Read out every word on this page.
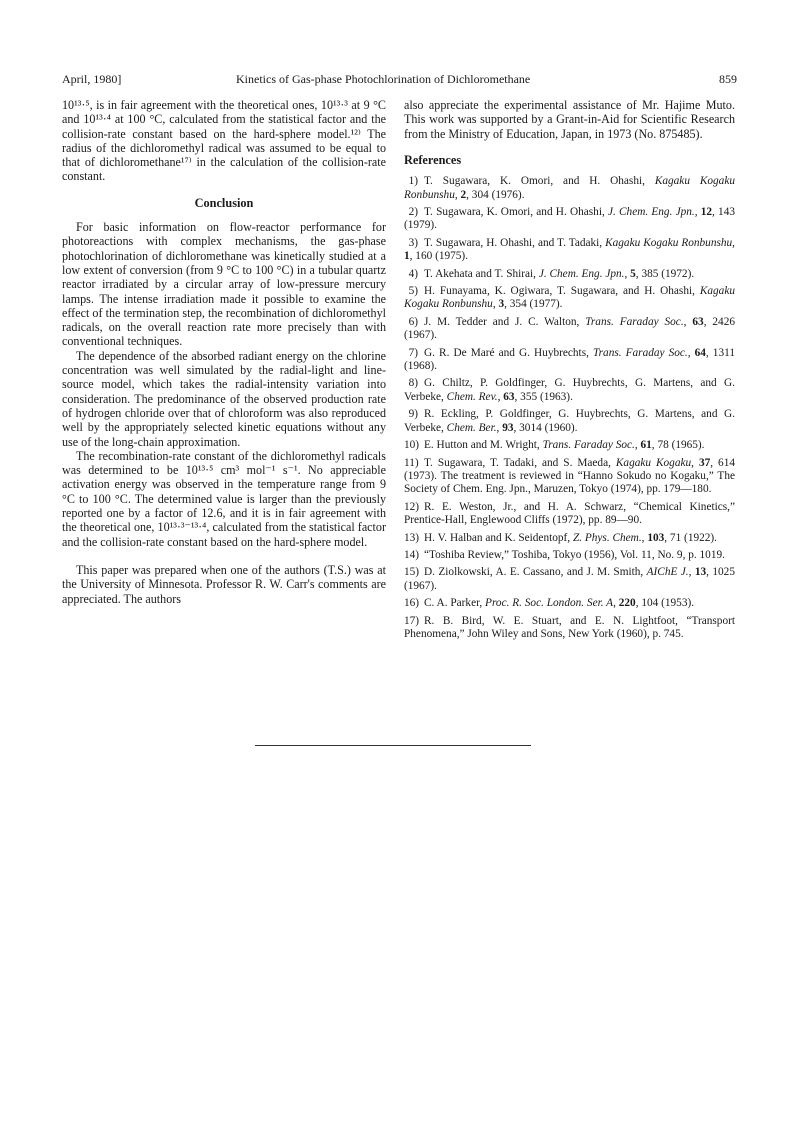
April, 1980]	Kinetics of Gas-phase Photochlorination of Dichloromethane	859

10¹³·⁵, is in fair agreement with the theoretical ones, 10¹³·³ at 9 °C and 10¹³·⁴ at 100 °C, calculated from the statistical factor and the collision-rate constant based on the hard-sphere model.¹²⁾ The radius of the dichloromethyl radical was assumed to be equal to that of dichloromethane¹⁷⁾ in the calculation of the collision-rate constant.

Conclusion

For basic information on flow-reactor performance for photoreactions with complex mechanisms, the gas-phase photochlorination of dichloromethane was kinetically studied at a low extent of conversion (from 9 °C to 100 °C) in a tubular quartz reactor irradiated by a circular array of low-pressure mercury lamps. The intense irradiation made it possible to examine the effect of the termination step, the recombination of dichloromethyl radicals, on the overall reaction rate more precisely than with conventional techniques.

The dependence of the absorbed radiant energy on the chlorine concentration was well simulated by the radial-light and line-source model, which takes the radial-intensity variation into consideration. The predominance of the observed production rate of hydrogen chloride over that of chloroform was also reproduced well by the appropriately selected kinetic equations without any use of the long-chain approximation.

The recombination-rate constant of the dichloromethyl radicals was determined to be 10¹³·⁵ cm³ mol⁻¹ s⁻¹. No appreciable activation energy was observed in the temperature range from 9 °C to 100 °C. The determined value is larger than the previously reported one by a factor of 12.6, and it is in fair agreement with the theoretical one, 10¹³·³⁻¹³·⁴, calculated from the statistical factor and the collision-rate constant based on the hard-sphere model.

This paper was prepared when one of the authors (T.S.) was at the University of Minnesota. Professor R. W. Carr's comments are appreciated. The authors

also appreciate the experimental assistance of Mr. Hajime Muto. This work was supported by a Grant-in-Aid for Scientific Research from the Ministry of Education, Japan, in 1973 (No. 875485).

References
1) T. Sugawara, K. Omori, and H. Ohashi, Kagaku Kogaku Ronbunshu, 2, 304 (1976).
2) T. Sugawara, K. Omori, and H. Ohashi, J. Chem. Eng. Jpn., 12, 143 (1979).
3) T. Sugawara, H. Ohashi, and T. Tadaki, Kagaku Kogaku Ronbunshu, 1, 160 (1975).
4) T. Akehata and T. Shirai, J. Chem. Eng. Jpn., 5, 385 (1972).
5) H. Funayama, K. Ogiwara, T. Sugawara, and H. Ohashi, Kagaku Kogaku Ronbunshu, 3, 354 (1977).
6) J. M. Tedder and J. C. Walton, Trans. Faraday Soc., 63, 2426 (1967).
7) G. R. De Maré and G. Huybrechts, Trans. Faraday Soc., 64, 1311 (1968).
8) G. Chiltz, P. Goldfinger, G. Huybrechts, G. Martens, and G. Verbeke, Chem. Rev., 63, 355 (1963).
9) R. Eckling, P. Goldfinger, G. Huybrechts, G. Martens, and G. Verbeke, Chem. Ber., 93, 3014 (1960).
10) E. Hutton and M. Wright, Trans. Faraday Soc., 61, 78 (1965).
11) T. Sugawara, T. Tadaki, and S. Maeda, Kagaku Kogaku, 37, 614 (1973). The treatment is reviewed in “Hanno Sokudo no Kogaku,” The Society of Chem. Eng. Jpn., Maruzen, Tokyo (1974), pp. 179—180.
12) R. E. Weston, Jr., and H. A. Schwarz, “Chemical Kinetics,” Prentice-Hall, Englewood Cliffs (1972), pp. 89—90.
13) H. V. Halban and K. Seidentopf, Z. Phys. Chem., 103, 71 (1922).
14) “Toshiba Review,” Toshiba, Tokyo (1956), Vol. 11, No. 9, p. 1019.
15) D. Ziolkowski, A. E. Cassano, and J. M. Smith, AIChE J., 13, 1025 (1967).
16) C. A. Parker, Proc. R. Soc. London. Ser. A, 220, 104 (1953).
17) R. B. Bird, W. E. Stuart, and E. N. Lightfoot, “Transport Phenomena,” John Wiley and Sons, New York (1960), p. 745.
